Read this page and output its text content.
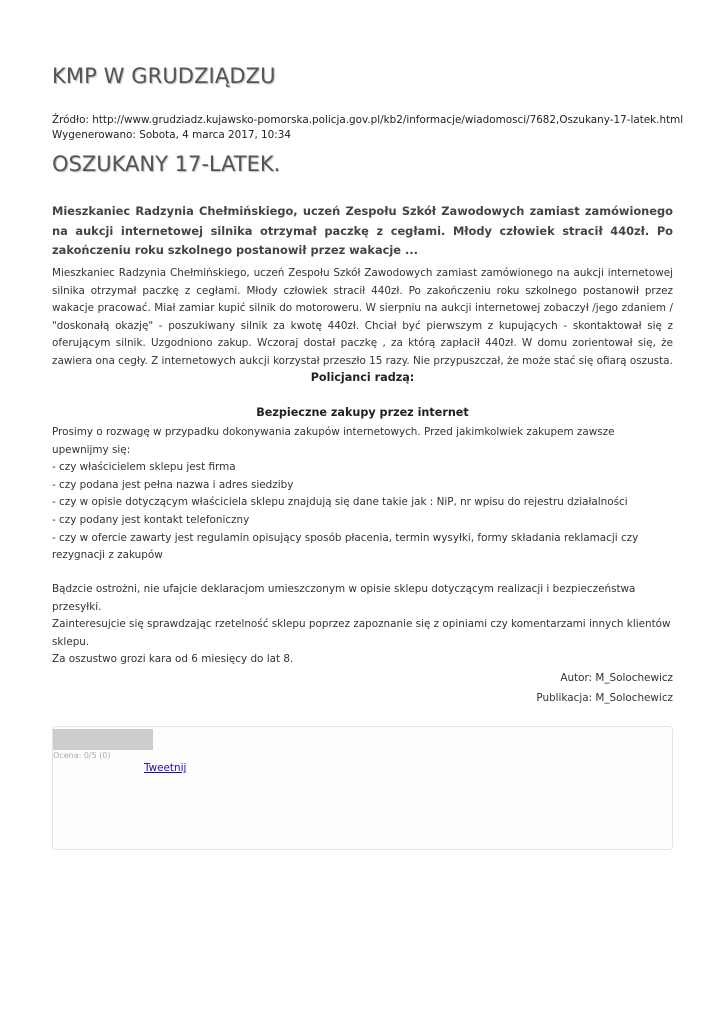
KMP W GRUDZIĄDZU
Źródło: http://www.grudziadz.kujawsko-pomorska.policja.gov.pl/kb2/informacje/wiadomosci/7682,Oszukany-17-latek.html
Wygenerowano: Sobota, 4 marca 2017, 10:34
OSZUKANY 17-LATEK.

Mieszkaniec Radzynia Chełmińskiego, uczeń Zespołu Szkół Zawodowych zamiast zamówionego na aukcji internetowej silnika otrzymał paczkę z cegłami. Młody człowiek stracił 440zł. Po zakończeniu roku szkolnego postanowił przez wakacje ...

Mieszkaniec Radzynia Chełmińskiego, uczeń Zespołu Szkół Zawodowych zamiast zamówionego na aukcji internetowej silnika otrzymał paczkę z cegłami. Młody człowiek stracił 440zł. Po zakończeniu roku szkolnego postanowił przez wakacje pracować. Miał zamiar kupić silnik do motoroweru. W sierpniu na aukcji internetowej zobaczył /jego zdaniem / "doskonałą okazję" - poszukiwany silnik za kwotę 440zł. Chciał być pierwszym z kupujących - skontaktował się z oferującym silnik. Uzgodniono zakup. Wczoraj dostał paczkę , za którą zapłacił 440zł. W domu zorientował się, że zawiera ona cegły. Z internetowych aukcji korzystał przeszło 15 razy. Nie przypuszczał, że może stać się ofiarą oszusta.

Policjanci radzą:

Bezpieczne zakupy przez internet

Prosimy o rozwagę w przypadku dokonywania zakupów internetowych. Przed jakimkolwiek zakupem zawsze upewnijmy się:
- czy właścicielem sklepu jest firma
- czy podana jest pełna nazwa i adres siedziby
- czy w opisie dotyczącym właściciela sklepu znajdują się dane takie jak : NiP, nr wpisu do rejestru działalności
- czy podany jest kontakt telefoniczny
- czy w ofercie zawarty jest regulamin opisujący sposób płacenia, termin wysyłki, formy składania reklamacji czy rezygnacji z zakupów
Bądzcie ostrożni, nie ufajcie deklaracjom umieszczonym w opisie sklepu dotyczącym realizacji i bezpieczeństwa przesyłki.
Zainteresujcie się sprawdzając rzetelność sklepu poprzez zapoznanie się z opiniami czy komentarzami innych klientów sklepu.
Za oszustwo grozi kara od 6 miesięcy do lat 8.
Autor: M_Solochewicz
Publikacja: M_Solochewicz
Ocena: 0/5 (0)
Tweetnij
